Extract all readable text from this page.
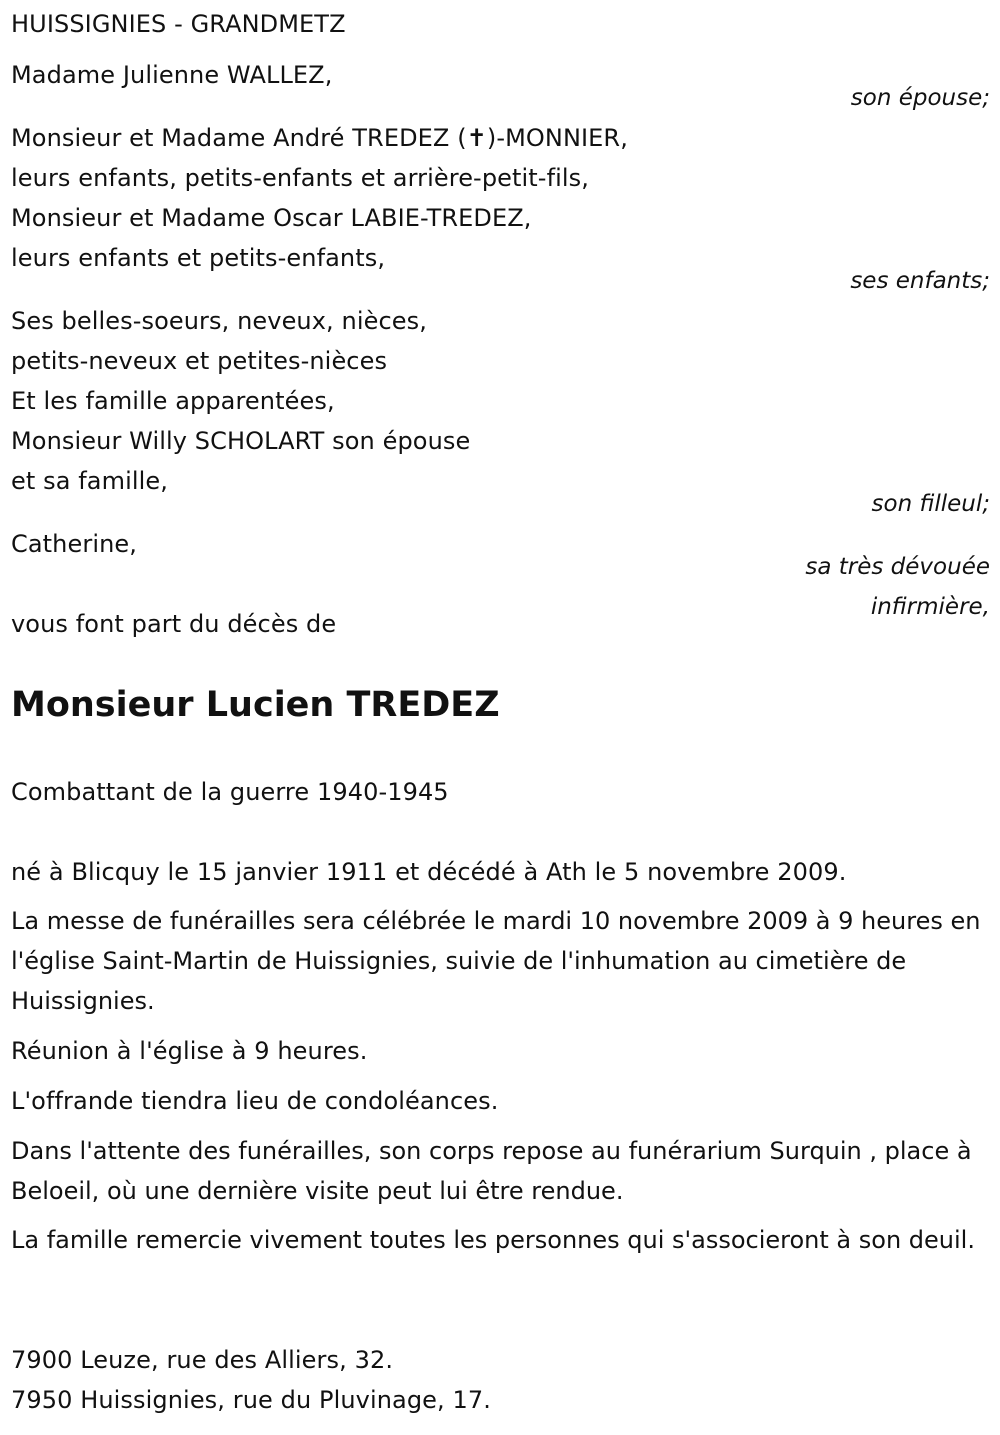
HUISSIGNIES - GRANDMETZ
Madame Julienne WALLEZ,
son épouse;
Monsieur et Madame André TREDEZ (✝)-MONNIER,
leurs enfants, petits-enfants et arrière-petit-fils,
Monsieur et Madame Oscar LABIE-TREDEZ,
leurs enfants et petits-enfants,
ses enfants;
Ses belles-soeurs, neveux, nièces,
petits-neveux et petites-nièces
Et les famille apparentées,
Monsieur Willy SCHOLART son épouse
et sa famille,
son filleul;
Catherine,
sa très dévouée
infirmière,
vous font part du décès de
Monsieur Lucien TREDEZ
Combattant de la guerre 1940-1945
né à Blicquy le 15 janvier 1911 et décédé à Ath le 5 novembre 2009.
La messe de funérailles sera célébrée le mardi 10 novembre 2009 à 9 heures en l'église Saint-Martin de Huissignies, suivie de l'inhumation au cimetière de Huissignies.
Réunion à l'église à 9 heures.
L'offrande tiendra lieu de condoléances.
Dans l'attente des funérailles, son corps repose au funérarium Surquin , place à Beloeil, où une dernière visite peut lui être rendue.
La famille remercie vivement toutes les personnes qui s'associeront à son deuil.
7900 Leuze, rue des Alliers, 32.
7950 Huissignies, rue du Pluvinage, 17.
